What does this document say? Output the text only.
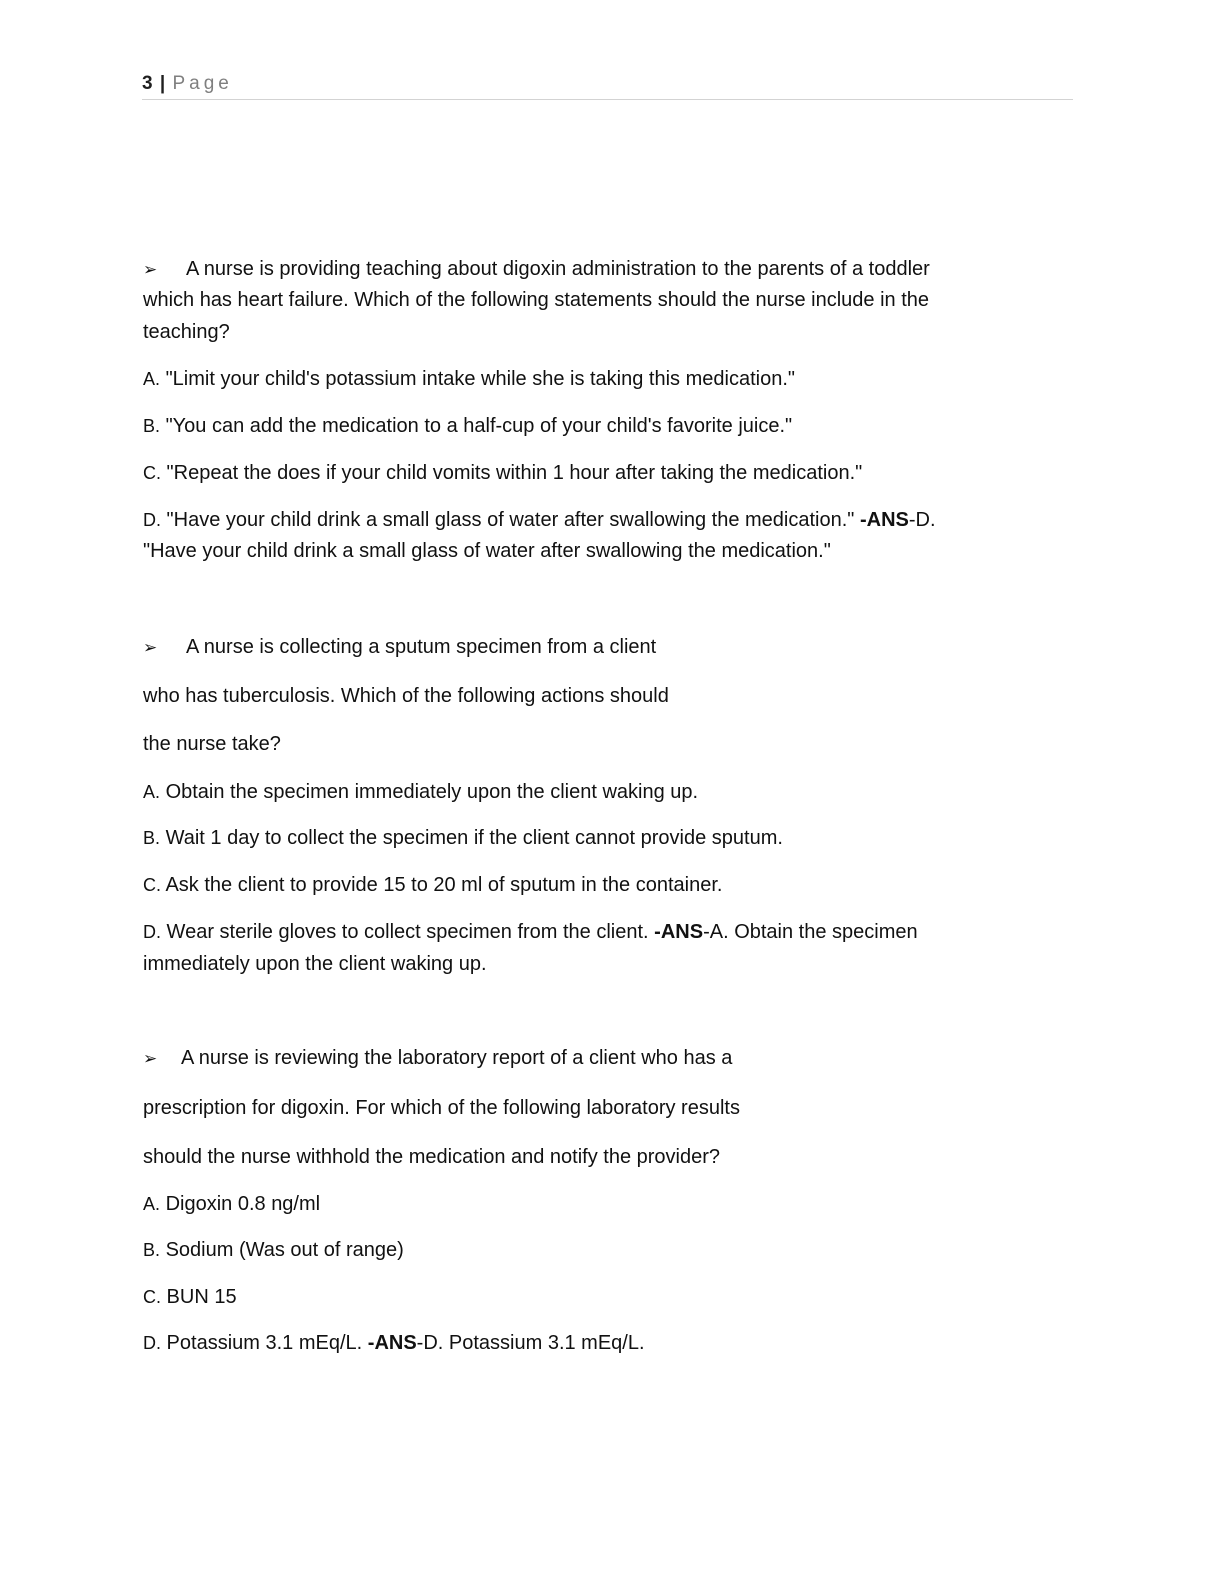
3 | Page
➢ A nurse is providing teaching about digoxin administration to the parents of a toddler
which has heart failure. Which of the following statements should the nurse include in the
teaching?
A. "Limit your child's potassium intake while she is taking this medication."
B. "You can add the medication to a half-cup of your child's favorite juice."
C. "Repeat the does if your child vomits within 1 hour after taking the medication."
D. "Have your child drink a small glass of water after swallowing the medication." -ANS-D.
"Have your child drink a small glass of water after swallowing the medication."
➢ A nurse is collecting a sputum specimen from a client
who has tuberculosis. Which of the following actions should
the nurse take?
A. Obtain the specimen immediately upon the client waking up.
B. Wait 1 day to collect the specimen if the client cannot provide sputum.
C. Ask the client to provide 15 to 20 ml of sputum in the container.
D. Wear sterile gloves to collect specimen from the client. -ANS-A. Obtain the specimen
immediately upon the client waking up.
➢ A nurse is reviewing the laboratory report of a client who has a
prescription for digoxin. For which of the following laboratory results
should the nurse withhold the medication and notify the provider?
A. Digoxin 0.8 ng/ml
B. Sodium (Was out of range)
C. BUN 15
D. Potassium 3.1 mEq/L. -ANS-D. Potassium 3.1 mEq/L.
